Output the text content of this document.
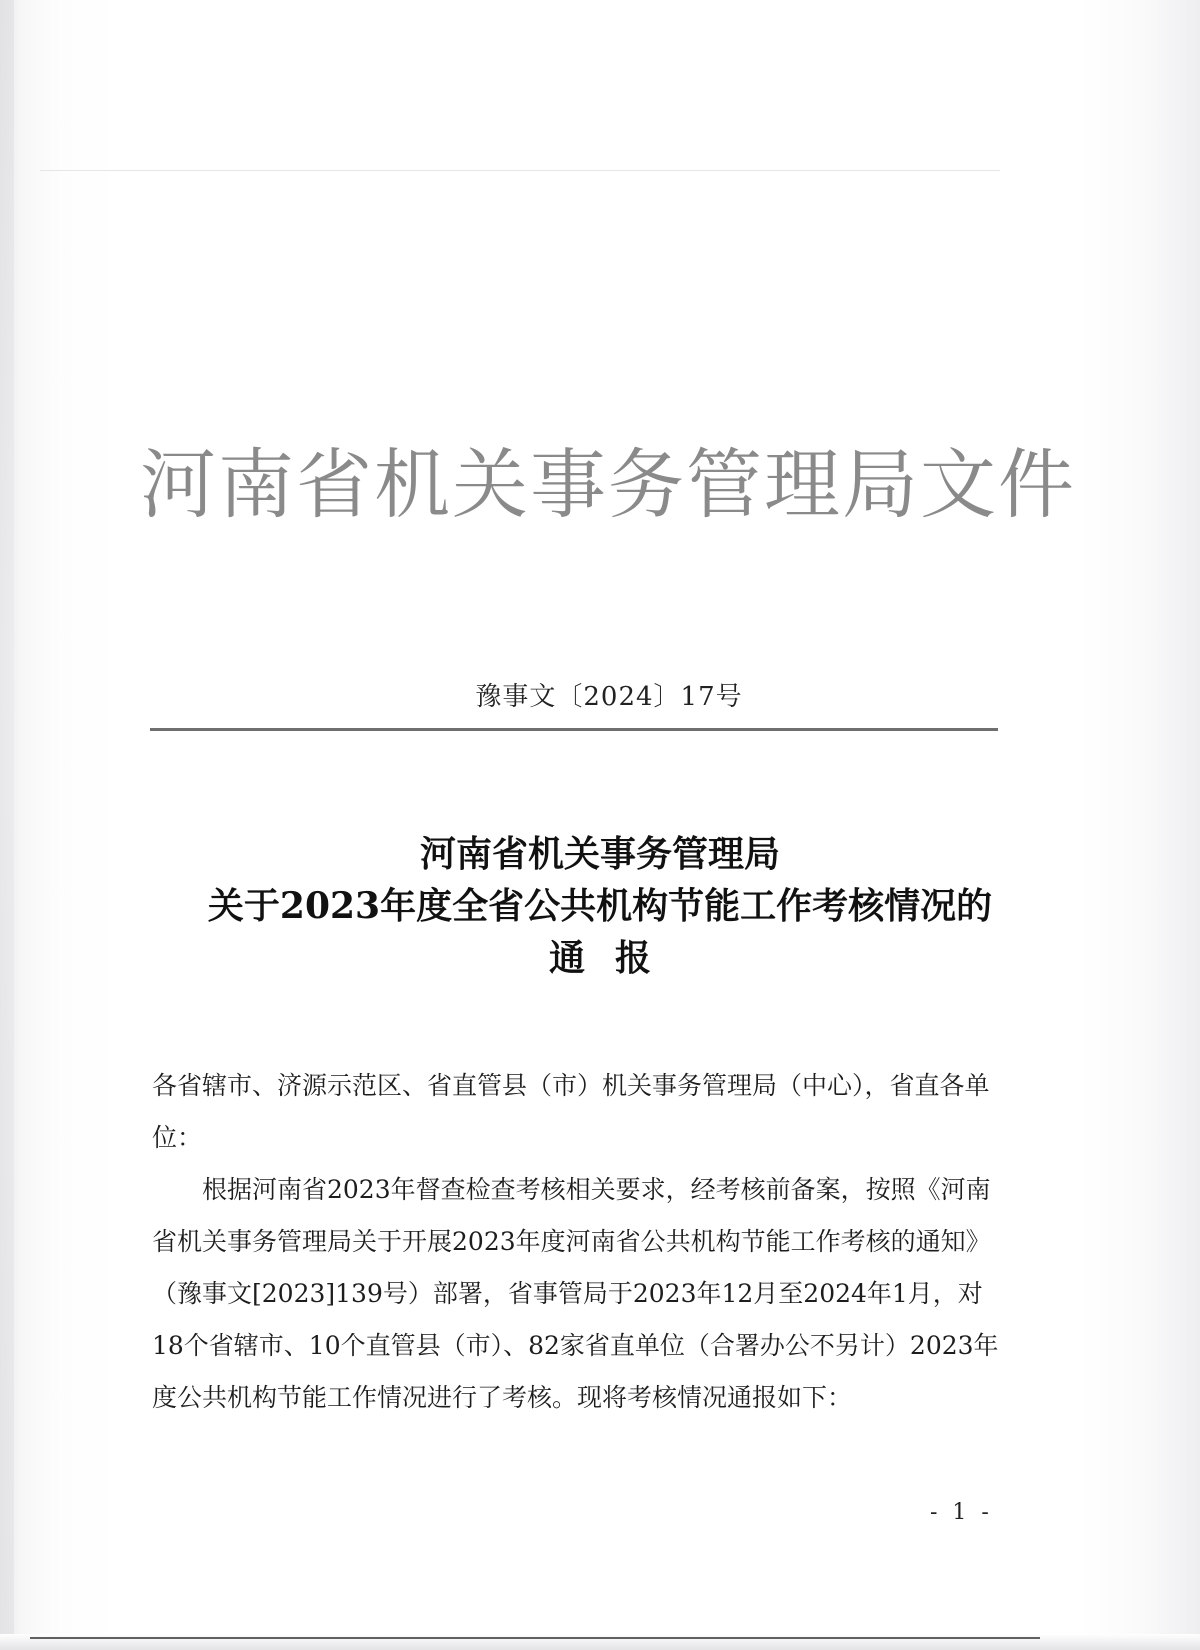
河南省机关事务管理局文件
豫事文〔2024〕17号
河南省机关事务管理局
关于2023年度全省公共机构节能工作考核情况的
通报

各省辖市、济源示范区、省直管县（市）机关事务管理局（中心），省直各单位：

根据河南省2023年督查检查考核相关要求，经考核前备案，按照《河南省机关事务管理局关于开展2023年度河南省公共机构节能工作考核的通知》（豫事文[2023]139号）部署，省事管局于2023年12月至2024年1月，对18个省辖市、10个直管县（市）、82家省直单位（合署办公不另计）2023年度公共机构节能工作情况进行了考核。现将考核情况通报如下：

- 1 -
